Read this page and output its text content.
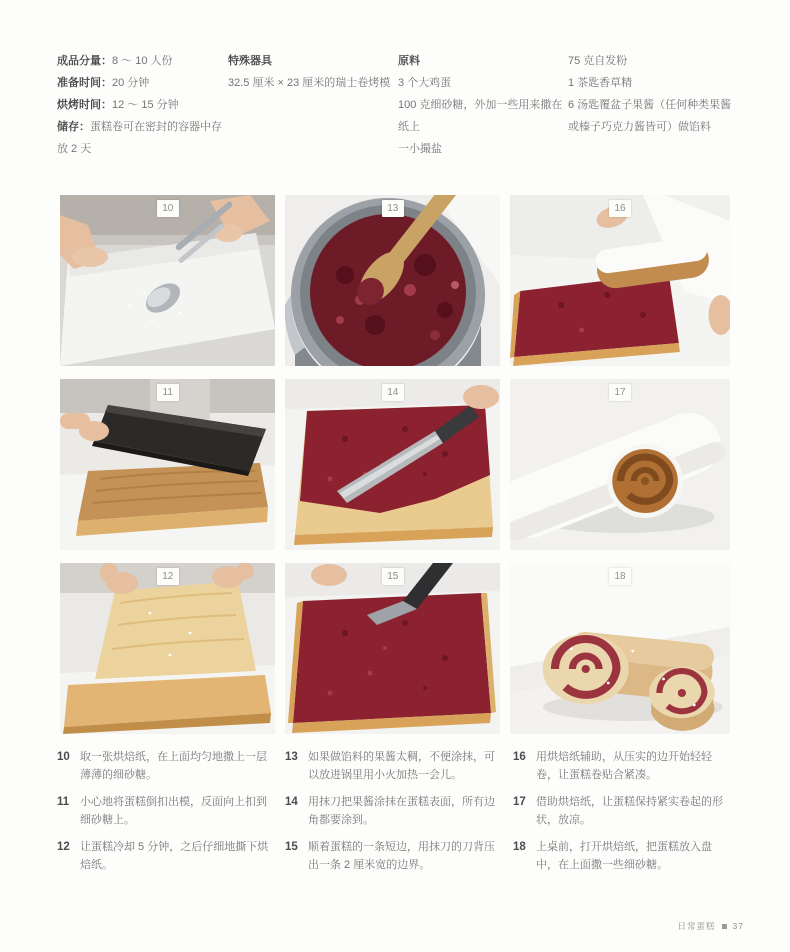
成品分量：8 ～ 10 人份
准备时间：20 分钟
烘烤时间：12 ～ 15 分钟
储存：蛋糕卷可在密封的容器中存放 2 天
特殊器具
32.5 厘米 × 23 厘米的瑞士卷烤模
原料
3 个大鸡蛋
100 克细砂糖，外加一些用来撒在纸上
一小撮盐
75 克自发粉
1 茶匙香草精
6 汤匙覆盆子果酱（任何种类果酱或榛子巧克力酱皆可）做馅料
10	13	16
11	14	17
12	15	18
10 取一张烘焙纸，在上面均匀地撒上一层薄薄的细砂糖。
11 小心地将蛋糕倒扣出模，反面向上扣到细砂糖上。
12 让蛋糕冷却 5 分钟，之后仔细地撕下烘焙纸。
13 如果做馅料的果酱太稠，不便涂抹，可以放进锅里用小火加热一会儿。
14 用抹刀把果酱涂抹在蛋糕表面，所有边角都要涂到。
15 顺着蛋糕的一条短边，用抹刀的刀背压出一条 2 厘米宽的边界。
16 用烘焙纸辅助，从压实的边开始轻轻卷，让蛋糕卷贴合紧凑。
17 借助烘焙纸，让蛋糕保持紧实卷起的形状，放凉。
18 上桌前，打开烘焙纸，把蛋糕放入盘中，在上面撒一些细砂糖。
日常蛋糕 37
